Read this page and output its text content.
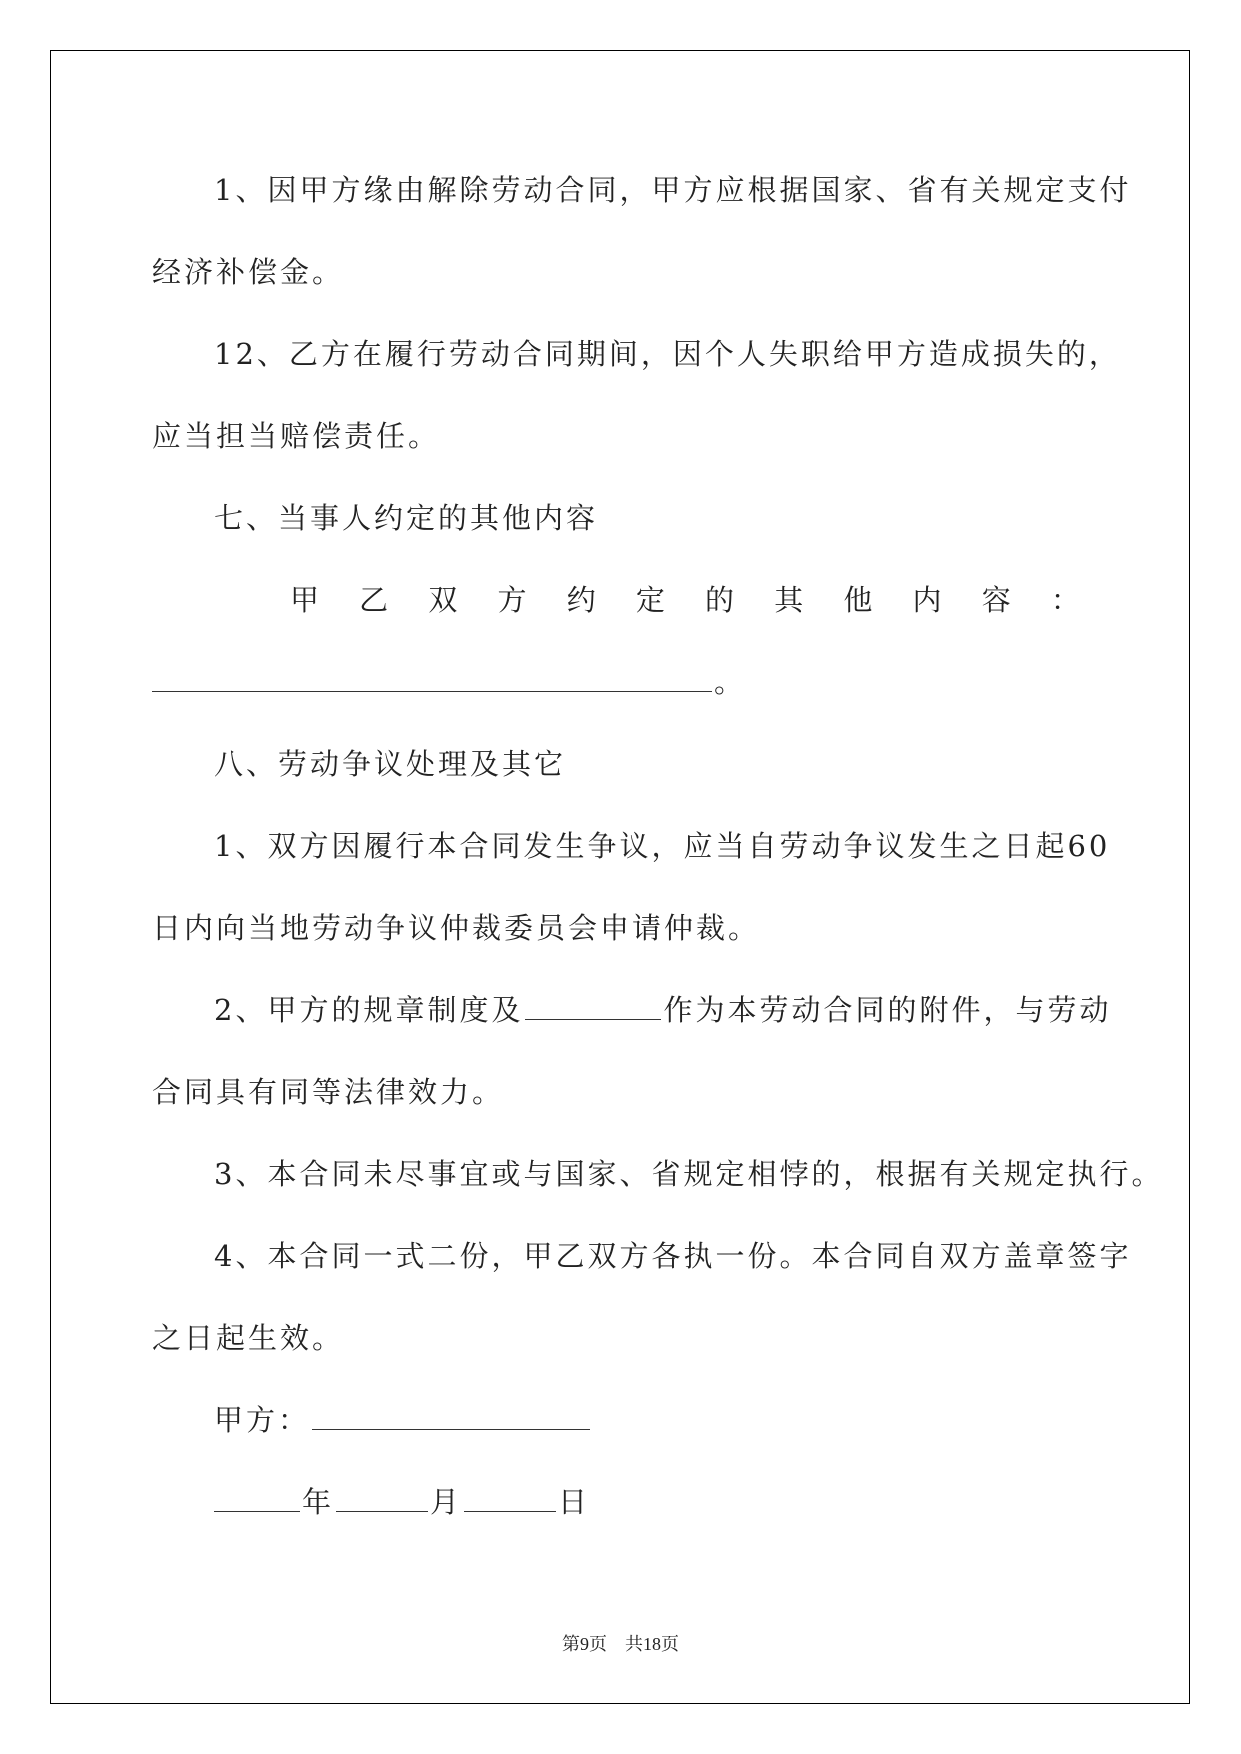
1、因甲方缘由解除劳动合同，甲方应根据国家、省有关规定支付
经济补偿金。
12、乙方在履行劳动合同期间，因个人失职给甲方造成损失的，
应当担当赔偿责任。
七、当事人约定的其他内容
甲 乙 双 方 约 定 的 其 他 内 容 ：
。
八、劳动争议处理及其它
1、双方因履行本合同发生争议，应当自劳动争议发生之日起60
日内向当地劳动争议仲裁委员会申请仲裁。
2、甲方的规章制度及	作为本劳动合同的附件，与劳动
合同具有同等法律效力。
3、本合同未尽事宜或与国家、省规定相悖的，根据有关规定执行。
4、本合同一式二份，甲乙双方各执一份。本合同自双方盖章签字
之日起生效。
甲方：
年	月	日
第9页　共18页
